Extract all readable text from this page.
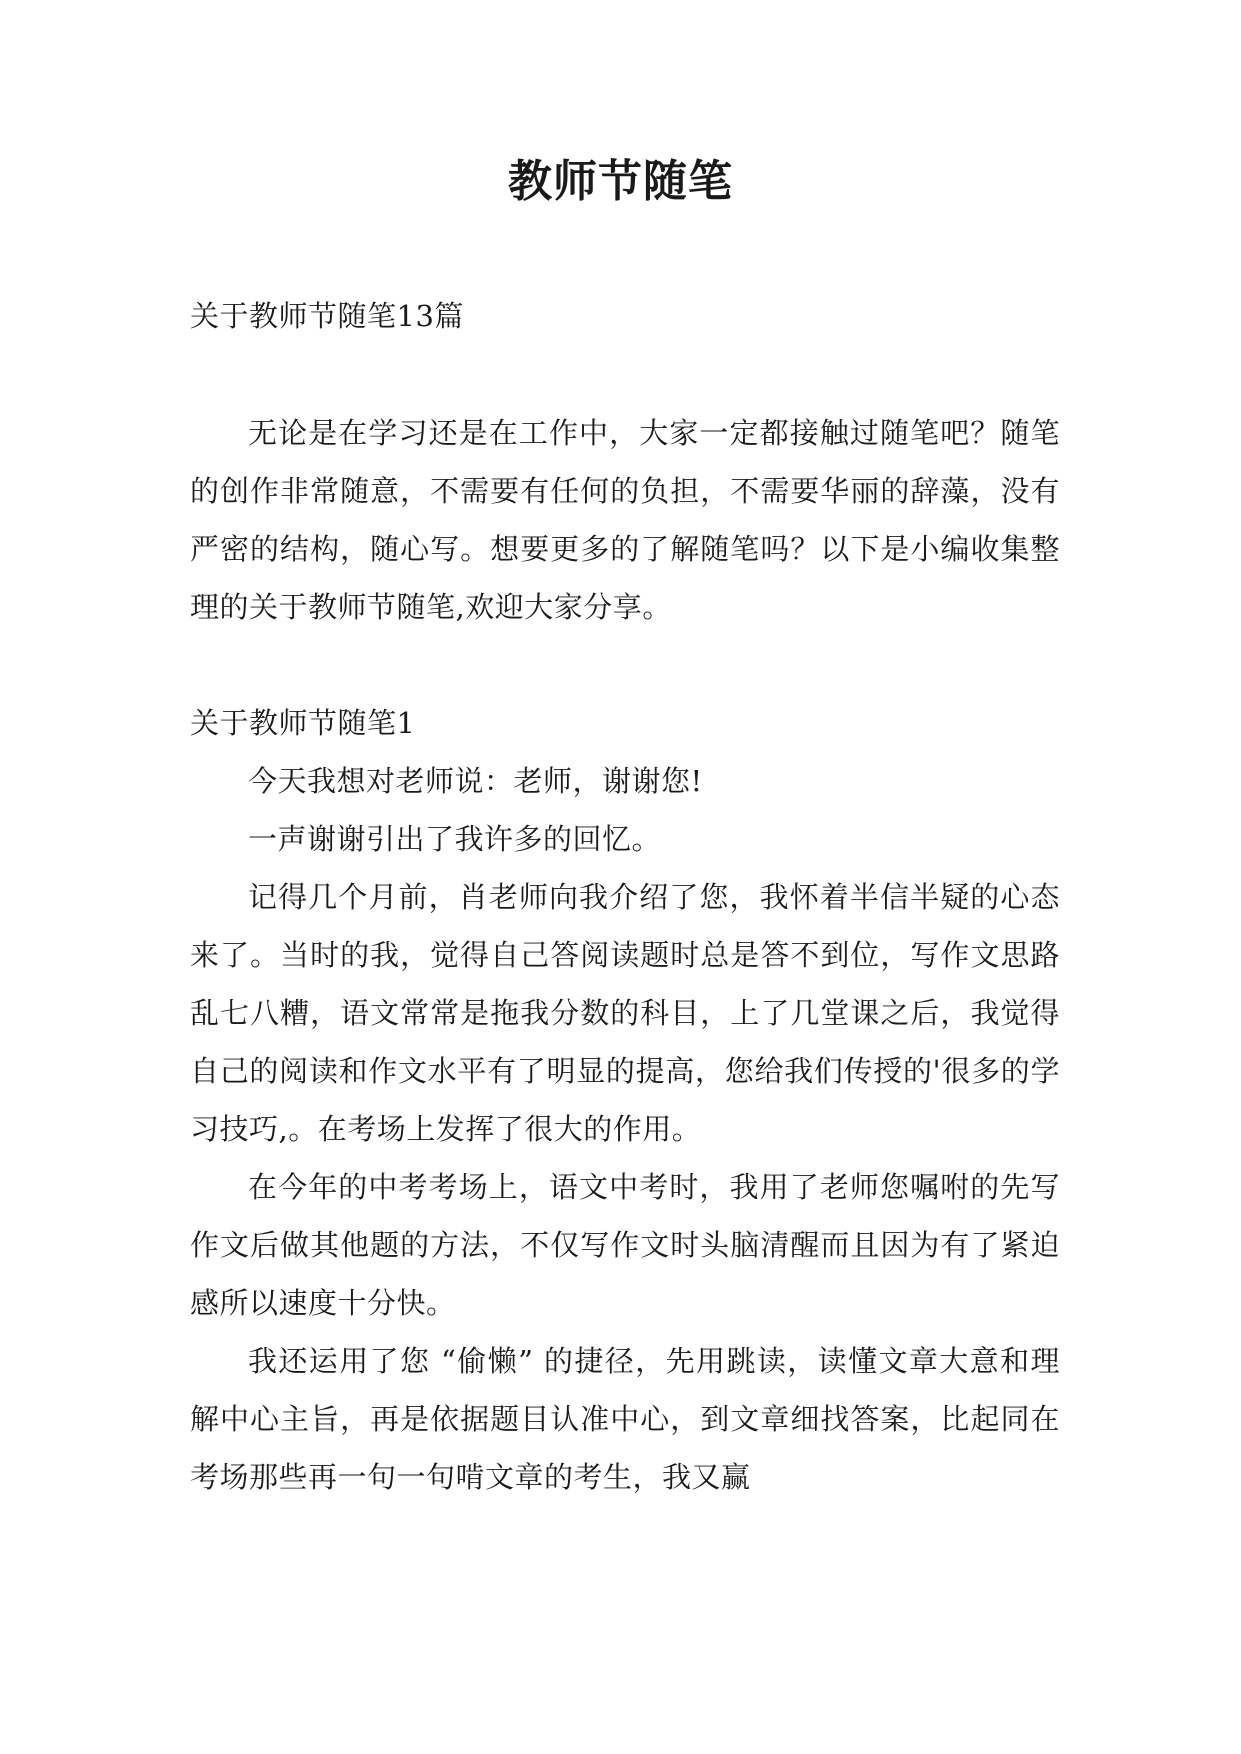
教师节随笔

关于教师节随笔13篇

无论是在学习还是在工作中，大家一定都接触过随笔吧？随笔的创作非常随意，不需要有任何的负担，不需要华丽的辞藻，没有严密的结构，随心写。想要更多的了解随笔吗？以下是小编收集整理的关于教师节随笔,欢迎大家分享。

关于教师节随笔1

今天我想对老师说：老师，谢谢您!

一声谢谢引出了我许多的回忆。

记得几个月前，肖老师向我介绍了您，我怀着半信半疑的心态来了。当时的我，觉得自己答阅读题时总是答不到位，写作文思路乱七八糟，语文常常是拖我分数的科目，上了几堂课之后，我觉得自己的阅读和作文水平有了明显的提高，您给我们传授的'很多的学习技巧,。在考场上发挥了很大的作用。

在今年的中考考场上，语文中考时，我用了老师您嘱咐的先写作文后做其他题的方法，不仅写作文时头脑清醒而且因为有了紧迫感所以速度十分快。

我还运用了您 “偷懒” 的捷径，先用跳读，读懂文章大意和理解中心主旨，再是依据题目认准中心，到文章细找答案，比起同在考场那些再一句一句啃文章的考生，我又赢
